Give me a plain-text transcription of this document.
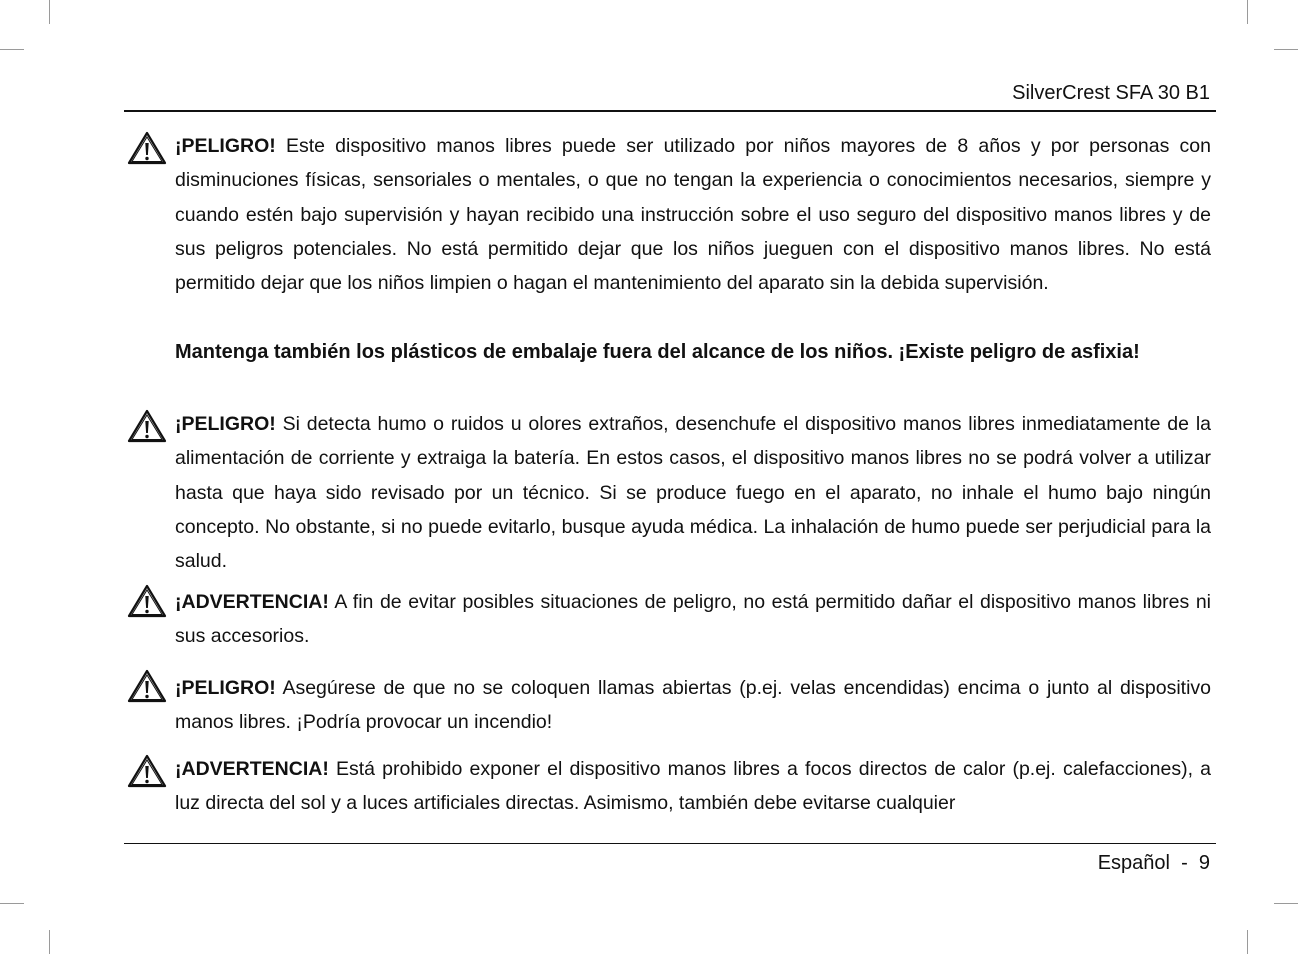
SilverCrest SFA 30 B1
¡PELIGRO! Este dispositivo manos libres puede ser utilizado por niños mayores de 8 años y por personas con disminuciones físicas, sensoriales o mentales, o que no tengan la experiencia o conocimientos necesarios, siempre y cuando estén bajo supervisión y hayan recibido una instrucción sobre el uso seguro del dispositivo manos libres y de sus peligros potenciales. No está permitido dejar que los niños jueguen con el dispositivo manos libres. No está permitido dejar que los niños limpien o hagan el mantenimiento del aparato sin la debida supervisión.
Mantenga también los plásticos de embalaje fuera del alcance de los niños. ¡Existe peligro de asfixia!
¡PELIGRO! Si detecta humo o ruidos u olores extraños, desenchufe el dispositivo manos libres inmediatamente de la alimentación de corriente y extraiga la batería. En estos casos, el dispositivo manos libres no se podrá volver a utilizar hasta que haya sido revisado por un técnico. Si se produce fuego en el aparato, no inhale el humo bajo ningún concepto. No obstante, si no puede evitarlo, busque ayuda médica. La inhalación de humo puede ser perjudicial para la salud.
¡ADVERTENCIA! A fin de evitar posibles situaciones de peligro, no está permitido dañar el dispositivo manos libres ni sus accesorios.
¡PELIGRO! Asegúrese de que no se coloquen llamas abiertas (p.ej. velas encendidas) encima o junto al dispositivo manos libres. ¡Podría provocar un incendio!
¡ADVERTENCIA! Está prohibido exponer el dispositivo manos libres a focos directos de calor (p.ej. calefacciones), a luz directa del sol y a luces artificiales directas. Asimismo, también debe evitarse cualquier
Español  -  9
